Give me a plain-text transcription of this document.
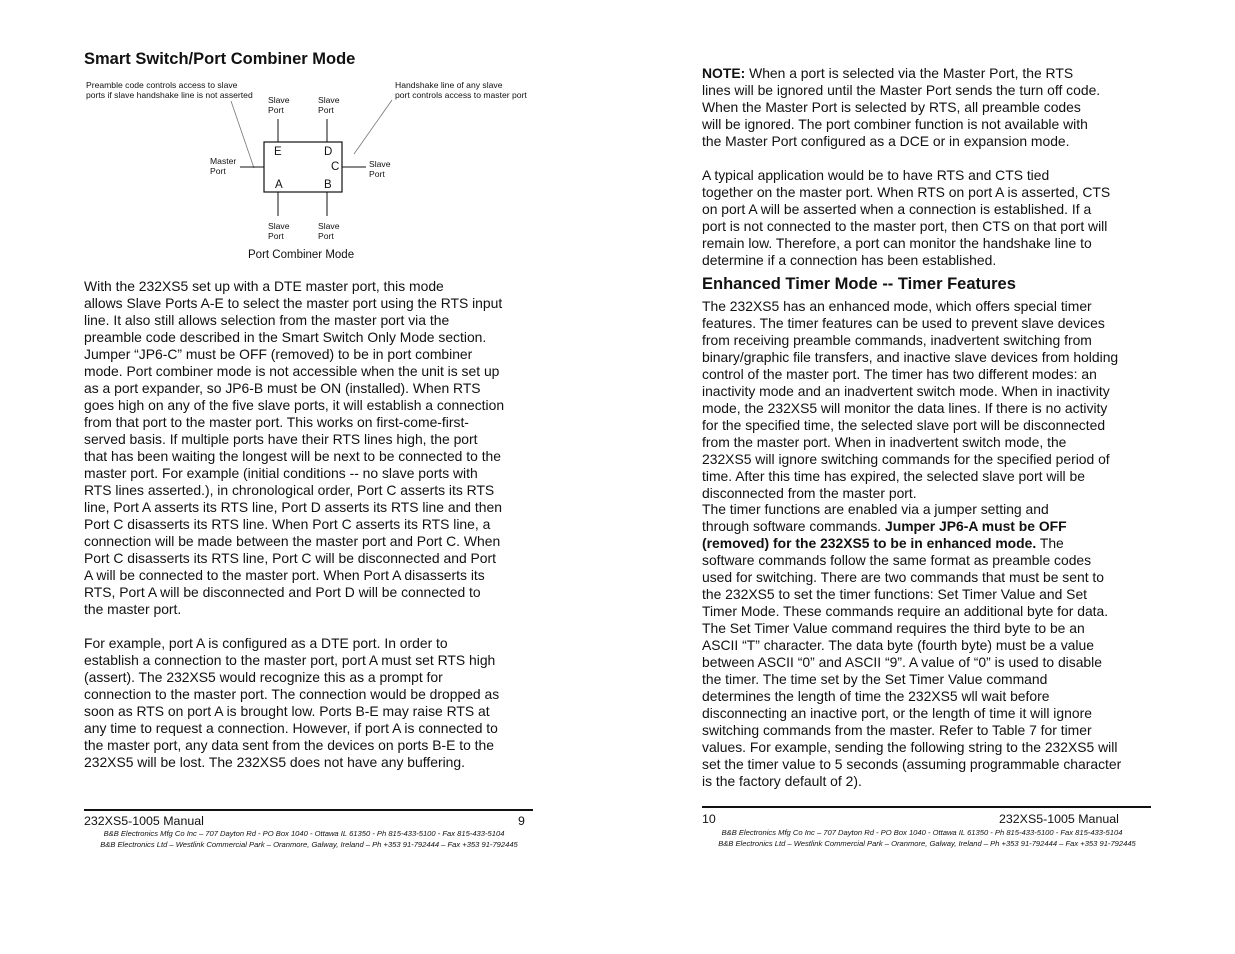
Smart Switch/Port Combiner Mode
Preamble code controls access to slave
ports if slave handshake line is not asserted
Handshake line of any slave
port controls access to master port
E	D
C
A	B
Slave
Port
Slave
Port
Master
Port
Slave
Port
Slave
Port
Slave
Port
Port Combiner Mode

With the 232XS5 set up with a DTE master port, this mode
allows Slave Ports A-E to select the master port using the RTS input
line. It also still allows selection from the master port via the
preamble code described in the Smart Switch Only Mode section.
Jumper “JP6-C” must be OFF (removed) to be in port combiner
mode. Port combiner mode is not accessible when the unit is set up
as a port expander, so JP6-B must be ON (installed). When RTS
goes high on any of the five slave ports, it will establish a connection
from that port to the master port. This works on first-come-first-
served basis. If multiple ports have their RTS lines high, the port
that has been waiting the longest will be next to be connected to the
master port. For example (initial conditions -- no slave ports with
RTS lines asserted.), in chronological order, Port C asserts its RTS
line, Port A asserts its RTS line, Port D asserts its RTS line and then
Port C disasserts its RTS line. When Port C asserts its RTS line, a
connection will be made between the master port and Port C. When
Port C disasserts its RTS line, Port C will be disconnected and Port
A will be connected to the master port. When Port A disasserts its
RTS, Port A will be disconnected and Port D will be connected to
the master port.

For example, port A is configured as a DTE port. In order to
establish a connection to the master port, port A must set RTS high
(assert). The 232XS5 would recognize this as a prompt for
connection to the master port. The connection would be dropped as
soon as RTS on port A is brought low. Ports B-E may raise RTS at
any time to request a connection. However, if port A is connected to
the master port, any data sent from the devices on ports B-E to the
232XS5 will be lost. The 232XS5 does not have any buffering.

232XS5-1005 Manual	9
B&B Electronics Mfg Co Inc – 707 Dayton Rd - PO Box 1040 - Ottawa IL 61350 - Ph 815-433-5100 - Fax 815-433-5104
B&B Electronics Ltd – Westlink Commercial Park – Oranmore, Galway, Ireland – Ph +353 91-792444 – Fax +353 91-792445

NOTE: When a port is selected via the Master Port, the RTS
lines will be ignored until the Master Port sends the turn off code.
When the Master Port is selected by RTS, all preamble codes
will be ignored. The port combiner function is not available with
the Master Port configured as a DCE or in expansion mode.

A typical application would be to have RTS and CTS tied
together on the master port. When RTS on port A is asserted, CTS
on port A will be asserted when a connection is established. If a
port is not connected to the master port, then CTS on that port will
remain low. Therefore, a port can monitor the handshake line to
determine if a connection has been established.

Enhanced Timer Mode -- Timer Features

The 232XS5 has an enhanced mode, which offers special timer
features. The timer features can be used to prevent slave devices
from receiving preamble commands, inadvertent switching from
binary/graphic file transfers, and inactive slave devices from holding
control of the master port. The timer has two different modes: an
inactivity mode and an inadvertent switch mode. When in inactivity
mode, the 232XS5 will monitor the data lines. If there is no activity
for the specified time, the selected slave port will be disconnected
from the master port. When in inadvertent switch mode, the
232XS5 will ignore switching commands for the specified period of
time. After this time has expired, the selected slave port will be
disconnected from the master port.

The timer functions are enabled via a jumper setting and
through software commands. Jumper JP6-A must be OFF
(removed) for the 232XS5 to be in enhanced mode. The
software commands follow the same format as preamble codes
used for switching. There are two commands that must be sent to
the 232XS5 to set the timer functions: Set Timer Value and Set
Timer Mode. These commands require an additional byte for data.
The Set Timer Value command requires the third byte to be an
ASCII “T” character. The data byte (fourth byte) must be a value
between ASCII “0” and ASCII “9”. A value of “0” is used to disable
the timer. The time set by the Set Timer Value command
determines the length of time the 232XS5 wll wait before
disconnecting an inactive port, or the length of time it will ignore
switching commands from the master. Refer to Table 7 for timer
values. For example, sending the following string to the 232XS5 will
set the timer value to 5 seconds (assuming programmable character
is the factory default of 2).

10	232XS5-1005 Manual
B&B Electronics Mfg Co Inc – 707 Dayton Rd - PO Box 1040 - Ottawa IL 61350 - Ph 815-433-5100 - Fax 815-433-5104
B&B Electronics Ltd – Westlink Commercial Park – Oranmore, Galway, Ireland – Ph +353 91-792444 – Fax +353 91-792445
